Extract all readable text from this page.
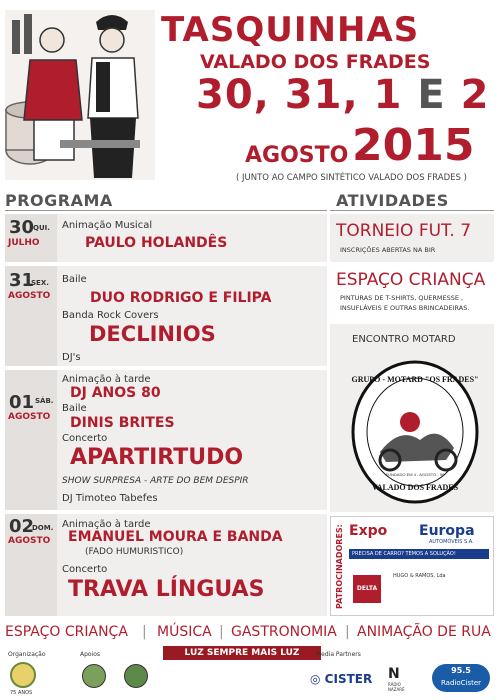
TASQUINHAS
VALADO DOS FRADES
30, 31, 1 E 2
AGOSTO 2015
( JUNTO AO CAMPO SINTÉTICO VALADO DOS FRADES )
PROGRAMA	ATIVIDADES
30
QUI.
JULHO
Animação Musical
PAULO HOLANDÊS
31
SEX.
AGOSTO
Baile
DUO RODRIGO E FILIPA
Banda Rock Covers
DECLINIOS
DJ's
01 SÁB.
AGOSTO
Animação à tarde
DJ ANOS 80
Baile
DINIS BRITES
Concerto
APARTIRTUDO
SHOW SURPRESA - ARTE DO BEM DESPIR
DJ Timoteo Tabefes
02
DOM.
AGOSTO
Animação à tarde
EMANUEL MOURA E BANDA
(FADO HUMURISTICO)
Concerto
TRAVA LÍNGUAS
TORNEIO FUT. 7
INSCRIÇÕES ABERTAS NA BIR
ESPAÇO CRIANÇA
PINTURAS DE T-SHIRTS, QUERMESSE ,
INSUFLÁVEIS E OUTRAS BRINCADEIRAS.
ENCONTRO MOTARD
GRUPO - MOTARD "OS FRADES"
VALADO DOS FRADES
FUNDADO EM 4 - AGOSTO - 96
PATROCINADORES: Expo Europa
AUTOMÓVEIS S.A.
PRECISA DE CARRO? TEMOS A SOLUÇÃO!
DELTA
HUGO & RAMOS, Lda
ESPAÇO CRIANÇA | MÚSICA | GASTRONOMIA | ANIMAÇÃO DE RUA
Organização	Apoios	LUZ SEMPRE MAIS LUZ	Media Partners
75 ANOS
◎ CISTER N
RÁDIO NAZARÉ
95.5
RadioCister
